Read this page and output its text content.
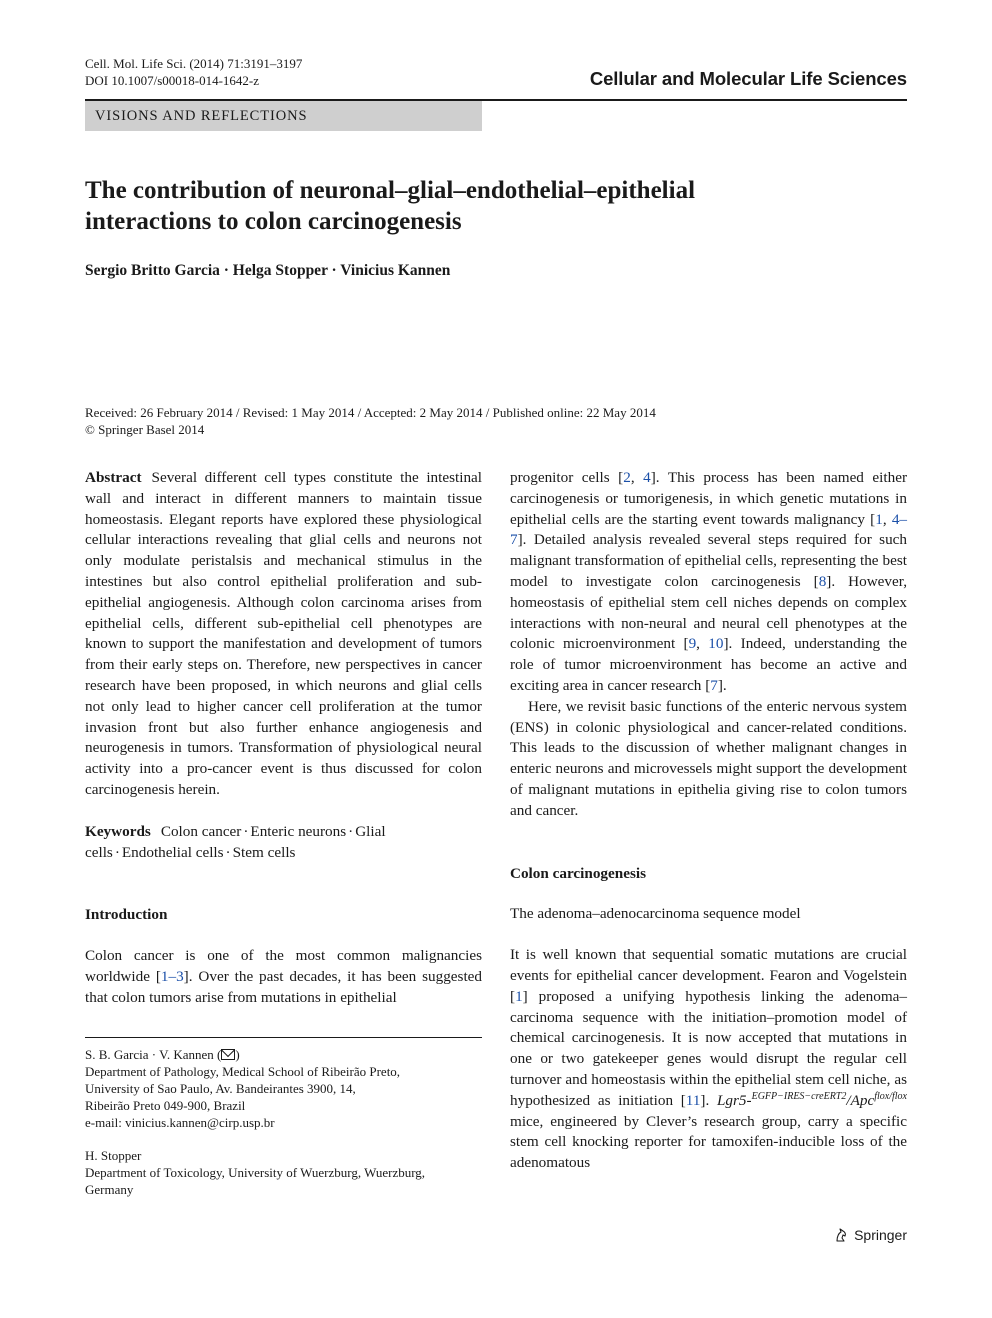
Cell. Mol. Life Sci. (2014) 71:3191–3197
DOI 10.1007/s00018-014-1642-z	Cellular and Molecular Life Sciences
VISIONS AND REFLECTIONS
The contribution of neuronal–glial–endothelial–epithelial
interactions to colon carcinogenesis
Sergio Britto Garcia · Helga Stopper · Vinicius Kannen
Received: 26 February 2014 / Revised: 1 May 2014 / Accepted: 2 May 2014 / Published online: 22 May 2014
© Springer Basel 2014

Abstract Several different cell types constitute the intestinal wall and interact in different manners to maintain tissue homeostasis. Elegant reports have explored these physiological cellular interactions revealing that glial cells and neurons not only modulate peristalsis and mechanical stimulus in the intestines but also control epithelial proliferation and sub-epithelial angiogenesis. Although colon carcinoma arises from epithelial cells, different sub-epithelial cell phenotypes are known to support the manifestation and development of tumors from their early steps on. Therefore, new perspectives in cancer research have been proposed, in which neurons and glial cells not only lead to higher cancer cell proliferation at the tumor invasion front but also further enhance angiogenesis and neurogenesis in tumors. Transformation of physiological neural activity into a pro-cancer event is thus discussed for colon carcinogenesis herein.

Keywords Colon cancer · Enteric neurons · Glial cells · Endothelial cells · Stem cells

Introduction

Colon cancer is one of the most common malignancies worldwide [1–3]. Over the past decades, it has been suggested that colon tumors arise from mutations in epithelial

S. B. Garcia · V. Kannen ( )
Department of Pathology, Medical School of Ribeirão Preto,
University of Sao Paulo, Av. Bandeirantes 3900, 14,
Ribeirão Preto 049-900, Brazil
e-mail: vinicius.kannen@cirp.usp.br
H. Stopper
Department of Toxicology, University of Wuerzburg, Wuerzburg,
Germany

progenitor cells [2, 4]. This process has been named either carcinogenesis or tumorigenesis, in which genetic mutations in epithelial cells are the starting event towards malignancy [1, 4–7]. Detailed analysis revealed several steps required for such malignant transformation of epithelial cells, representing the best model to investigate colon carcinogenesis [8]. However, homeostasis of epithelial stem cell niches depends on complex interactions with non-neural and neural cell phenotypes at the colonic microenvironment [9, 10]. Indeed, understanding the role of tumor microenvironment has become an active and exciting area in cancer research [7].

Here, we revisit basic functions of the enteric nervous system (ENS) in colonic physiological and cancer-related conditions. This leads to the discussion of whether malignant changes in enteric neurons and microvessels might support the development of malignant mutations in epithelia giving rise to colon tumors and cancer.

Colon carcinogenesis

The adenoma–adenocarcinoma sequence model

It is well known that sequential somatic mutations are crucial events for epithelial cancer development. Fearon and Vogelstein [1] proposed a unifying hypothesis linking the adenoma–carcinoma sequence with the initiation–promotion model of chemical carcinogenesis. It is now accepted that mutations in one or two gatekeeper genes would disrupt the regular cell turnover and homeostasis within the epithelial stem cell niche, as hypothesized as initiation [11]. Lgr5-$^{EGFP-IRES-creERT2}$/Apc$^{flox/flox}$ mice, engineered by Clever’s research group, carry a specific stem cell knocking reporter for tamoxifen-inducible loss of the adenomatous

Springer
